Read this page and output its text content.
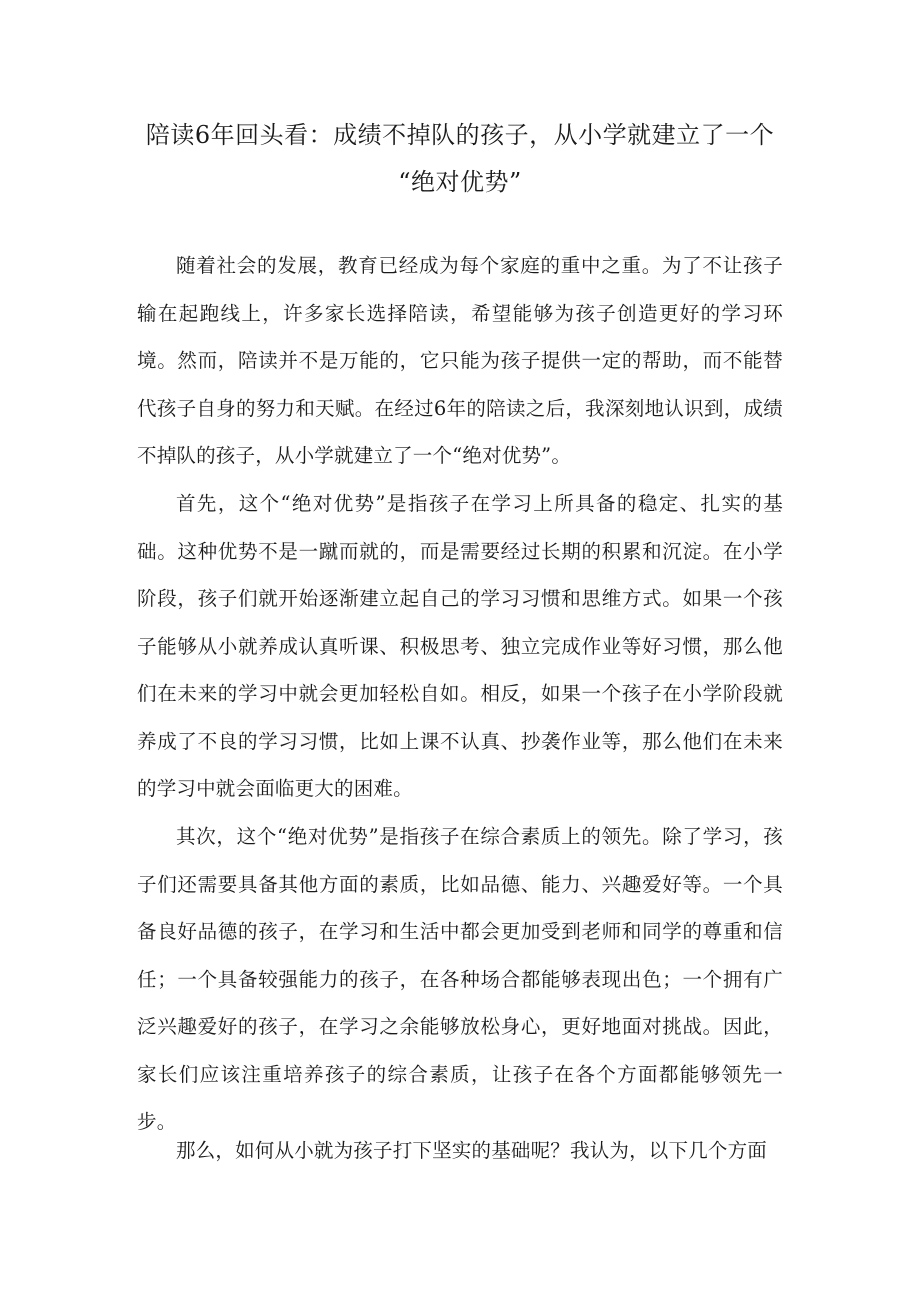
陪读6年回头看：成绩不掉队的孩子，从小学就建立了一个
“绝对优势”

随着社会的发展，教育已经成为每个家庭的重中之重。为了不让孩子输在起跑线上，许多家长选择陪读，希望能够为孩子创造更好的学习环境。然而，陪读并不是万能的，它只能为孩子提供一定的帮助，而不能替代孩子自身的努力和天赋。在经过6年的陪读之后，我深刻地认识到，成绩不掉队的孩子，从小学就建立了一个“绝对优势”。

首先，这个“绝对优势”是指孩子在学习上所具备的稳定、扎实的基础。这种优势不是一蹴而就的，而是需要经过长期的积累和沉淀。在小学阶段，孩子们就开始逐渐建立起自己的学习习惯和思维方式。如果一个孩子能够从小就养成认真听课、积极思考、独立完成作业等好习惯，那么他们在未来的学习中就会更加轻松自如。相反，如果一个孩子在小学阶段就养成了不良的学习习惯，比如上课不认真、抄袭作业等，那么他们在未来的学习中就会面临更大的困难。

其次，这个“绝对优势”是指孩子在综合素质上的领先。除了学习，孩子们还需要具备其他方面的素质，比如品德、能力、兴趣爱好等。一个具备良好品德的孩子，在学习和生活中都会更加受到老师和同学的尊重和信任；一个具备较强能力的孩子，在各种场合都能够表现出色；一个拥有广泛兴趣爱好的孩子，在学习之余能够放松身心，更好地面对挑战。因此，家长们应该注重培养孩子的综合素质，让孩子在各个方面都能够领先一步。

那么，如何从小就为孩子打下坚实的基础呢？我认为，以下几个方面
